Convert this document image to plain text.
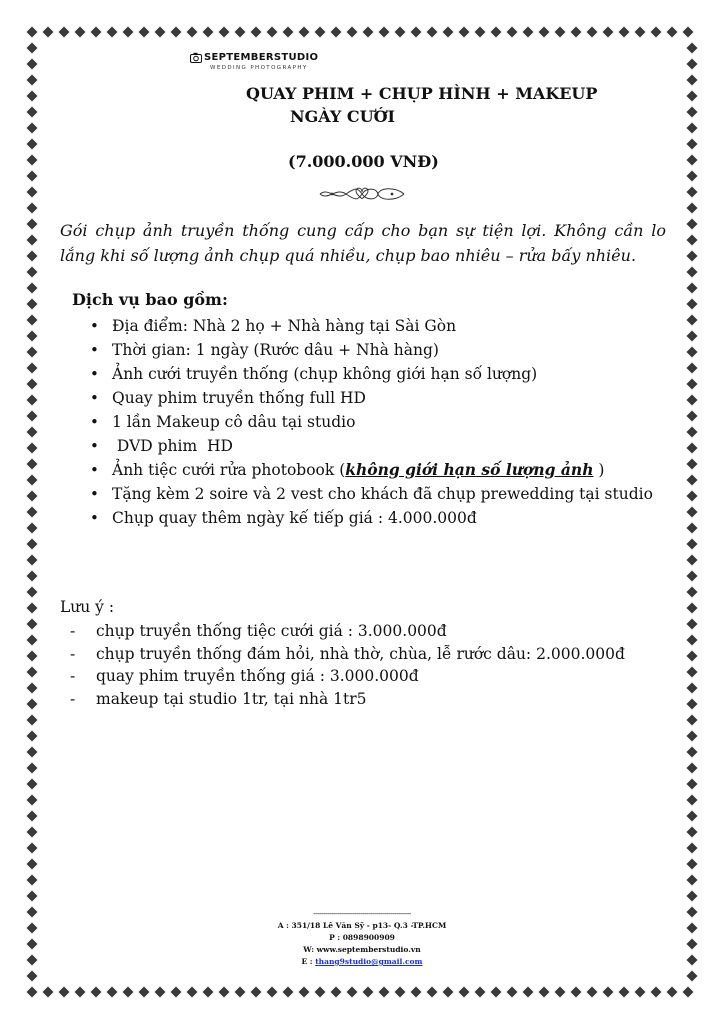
SEPTEMBERSTUDIO
WEDDING PHOTOGRAPHY
QUAY PHIM + CHỤP HÌNH + MAKEUP
NGÀY CƯỚI
(7.000.000 VNĐ)
Gói chụp ảnh truyền thống cung cấp cho bạn sự tiện lợi. Không cần lo lắng khi số lượng ảnh chụp quá nhiều, chụp bao nhiêu – rửa bấy nhiêu.
Dịch vụ bao gồm:
• Địa điểm: Nhà 2 họ + Nhà hàng tại Sài Gòn
• Thời gian: 1 ngày (Rước dâu + Nhà hàng)
• Ảnh cưới truyền thống (chụp không giới hạn số lượng)
• Quay phim truyền thống full HD
• 1 lần Makeup cô dâu tại studio
•  DVD phim  HD
• Ảnh tiệc cưới rửa photobook (không giới hạn số lượng ảnh )
• Tặng kèm 2 soire và 2 vest cho khách đã chụp prewedding tại studio
• Chụp quay thêm ngày kế tiếp giá : 4.000.000đ
Lưu ý :
- chụp truyền thống tiệc cưới giá : 3.000.000đ
- chụp truyền thống đám hỏi, nhà thờ, chùa, lễ rước dâu: 2.000.000đ
- quay phim truyền thống giá : 3.000.000đ
- makeup tại studio 1tr, tại nhà 1tr5
------------------------------------------------
A : 351/18 Lê Văn Sỹ - p13- Q.3 -TP.HCM
P : 0898900909
W: www.septemberstudio.vn
E : thang9studio@gmail.com
